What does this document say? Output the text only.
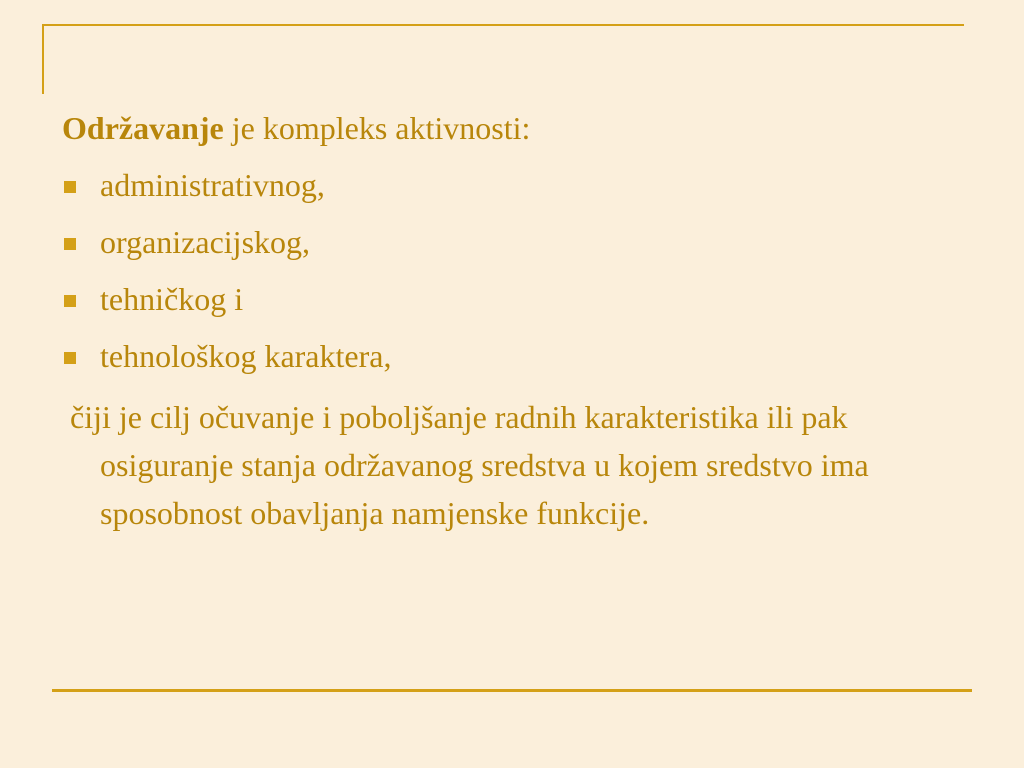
Održavanje je kompleks aktivnosti:

administrativnog,
organizacijskog,
tehničkog i
tehnološkog karaktera,

čiji je cilj očuvanje i poboljšanje radnih karakteristika ili pak osiguranje stanja održavanog sredstva u kojem sredstvo ima sposobnost obavljanja namjenske funkcije.
